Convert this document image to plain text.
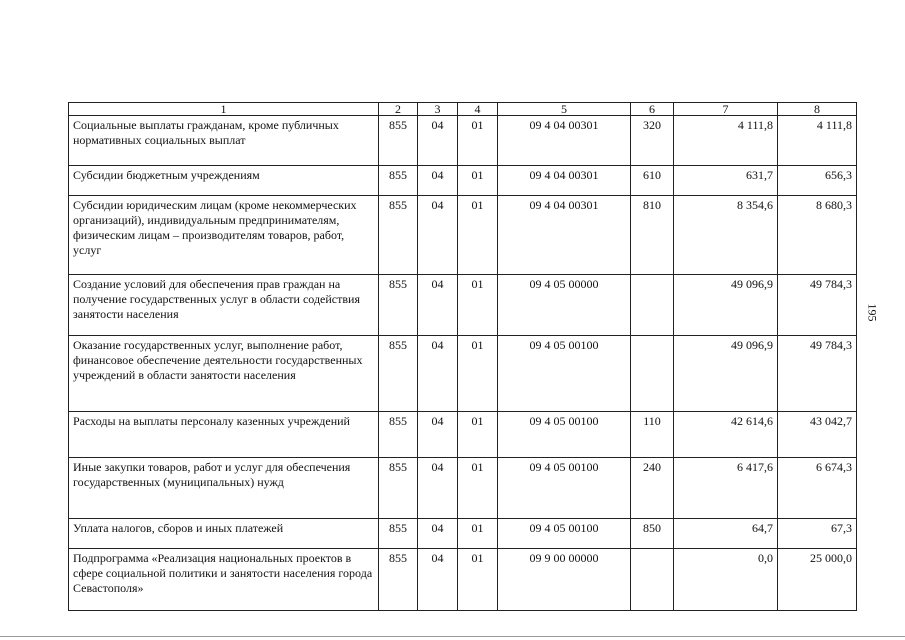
1	2	3	4	5	6	7	8
Социальные выплаты гражданам, кроме публичных нормативных социальных выплат	855	04	01	09 4 04 00301	320	4 111,8	4 111,8
Субсидии бюджетным учреждениям	855	04	01	09 4 04 00301	610	631,7	656,3
Субсидии юридическим лицам (кроме некоммерческих организаций), индивидуальным предпринимателям, физическим лицам – производителям товаров, работ, услуг	855	04	01	09 4 04 00301	810	8 354,6	8 680,3
Создание условий для обеспечения прав граждан на получение государственных услуг в области содействия занятости населения	855	04	01	09 4 05 00000		49 096,9	49 784,3
Оказание государственных услуг, выполнение работ, финансовое обеспечение деятельности государственных учреждений в области занятости населения	855	04	01	09 4 05 00100		49 096,9	49 784,3
Расходы на выплаты персоналу казенных учреждений	855	04	01	09 4 05 00100	110	42 614,6	43 042,7
Иные закупки товаров, работ и услуг для обеспечения государственных (муниципальных) нужд	855	04	01	09 4 05 00100	240	6 417,6	6 674,3
Уплата налогов, сборов и иных платежей	855	04	01	09 4 05 00100	850	64,7	67,3
Подпрограмма «Реализация национальных проектов в сфере социальной политики и занятости населения города Севастополя»	855	04	01	09 9 00 00000		0,0	25 000,0
195
